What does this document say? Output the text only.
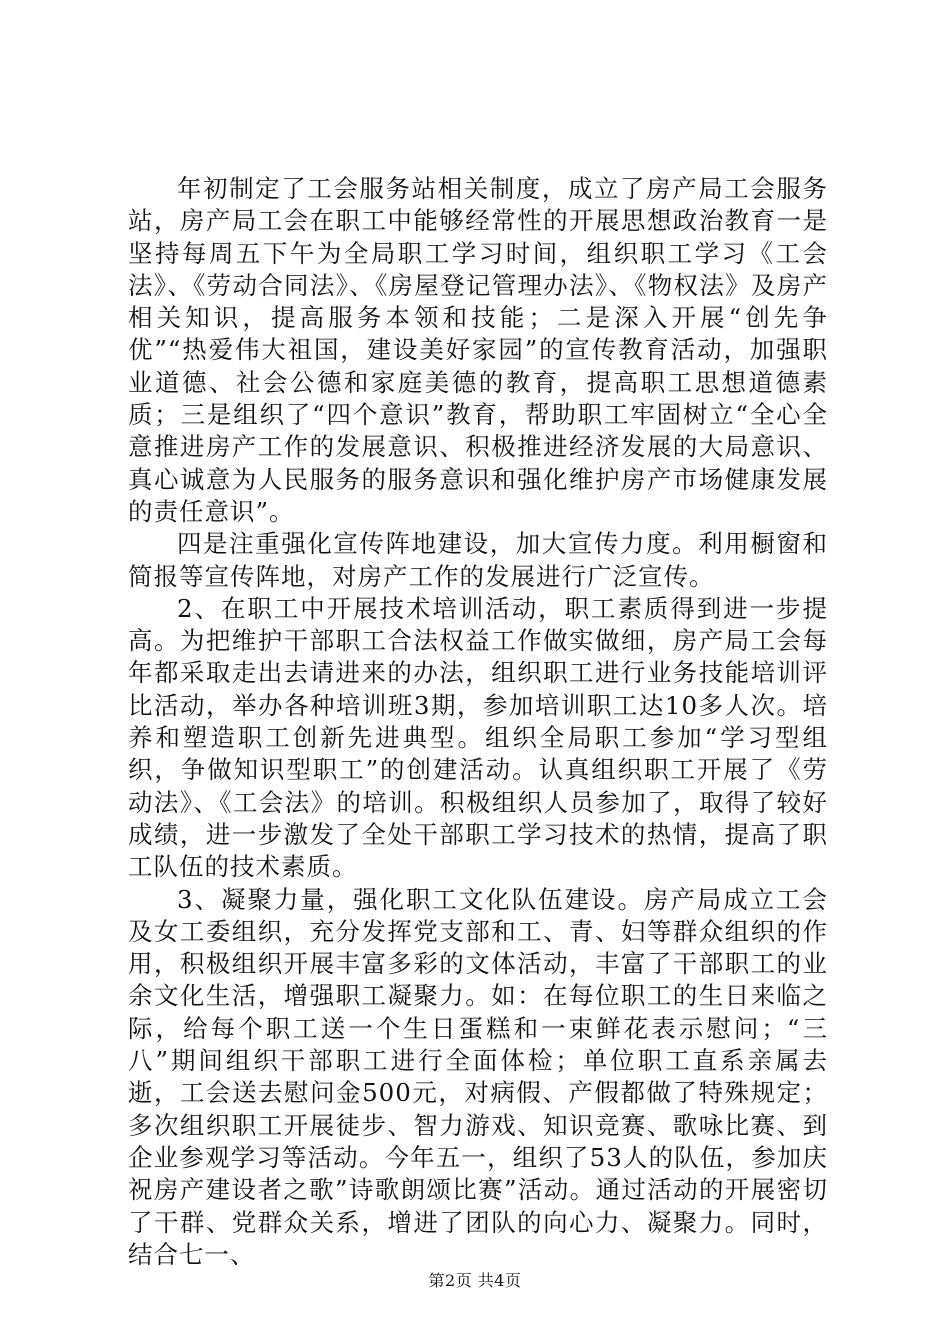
年初制定了工会服务站相关制度，成立了房产局工会服务站，房产局工会在职工中能够经常性的开展思想政治教育一是坚持每周五下午为全局职工学习时间，组织职工学习《工会法》、《劳动合同法》、《房屋登记管理办法》、《物权法》及房产相关知识，提高服务本领和技能；二是深入开展“创先争优”“热爱伟大祖国，建设美好家园”的宣传教育活动，加强职业道德、社会公德和家庭美德的教育，提高职工思想道德素质；三是组织了“四个意识”教育，帮助职工牢固树立“全心全意推进房产工作的发展意识、积极推进经济发展的大局意识、真心诚意为人民服务的服务意识和强化维护房产市场健康发展的责任意识”。

四是注重强化宣传阵地建设，加大宣传力度。利用橱窗和简报等宣传阵地，对房产工作的发展进行广泛宣传。

2、在职工中开展技术培训活动，职工素质得到进一步提高。为把维护干部职工合法权益工作做实做细，房产局工会每年都采取走出去请进来的办法，组织职工进行业务技能培训评比活动，举办各种培训班3期，参加培训职工达10多人次。培养和塑造职工创新先进典型。组织全局职工参加“学习型组织，争做知识型职工”的创建活动。认真组织职工开展了《劳动法》、《工会法》的培训。积极组织人员参加了，取得了较好成绩，进一步激发了全处干部职工学习技术的热情，提高了职工队伍的技术素质。

3、凝聚力量，强化职工文化队伍建设。房产局成立工会及女工委组织，充分发挥党支部和工、青、妇等群众组织的作用，积极组织开展丰富多彩的文体活动，丰富了干部职工的业余文化生活，增强职工凝聚力。如：在每位职工的生日来临之际，给每个职工送一个生日蛋糕和一束鲜花表示慰问；“三八”期间组织干部职工进行全面体检；单位职工直系亲属去逝，工会送去慰问金500元，对病假、产假都做了特殊规定；多次组织职工开展徒步、智力游戏、知识竞赛、歌咏比赛、到企业参观学习等活动。今年五一，组织了53人的队伍，参加庆祝房产建设者之歌”诗歌朗颂比赛”活动。通过活动的开展密切了干群、党群众关系，增进了团队的向心力、凝聚力。同时，结合七一、

第2页 共4页
